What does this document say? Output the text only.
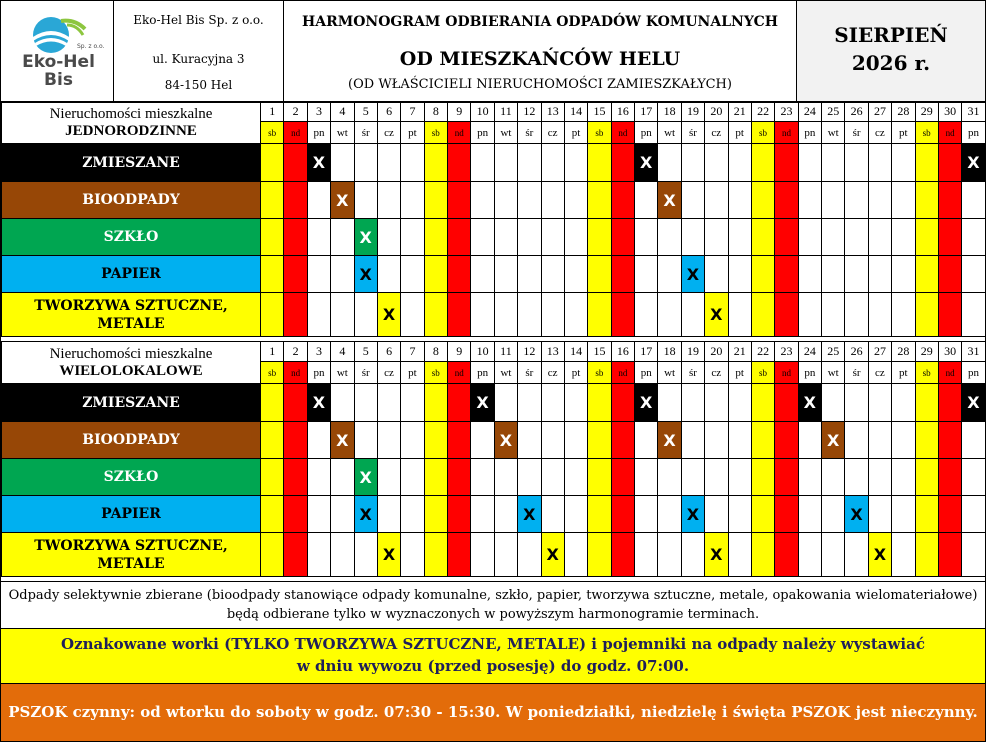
Sp. z o.o.
Eko-Hel
Bis
Eko-Hel Bis Sp. z o.o.
ul. Kuracyjna 3
84-150 Hel
HARMONOGRAM ODBIERANIA ODPADÓW KOMUNALNYCH
OD MIESZKAŃCÓW HELU
(OD WŁAŚCICIELI NIERUCHOMOŚCI ZAMIESZKAŁYCH)
SIERPIEŃ
2026 r.
Nieruchomości mieszkalne
JEDNORODZINNE	1	2	3	4	5	6	7	8	9	10	11	12	13	14	15	16	17	18	19	20	21	22	23	24	25	26	27	28	29	30	31
	sb	nd	pn	wt	śr	cz	pt	sb	nd	pn	wt	śr	cz	pt	sb	nd	pn	wt	śr	cz	pt	sb	nd	pn	wt	śr	cz	pt	sb	nd	pn
ZMIESZANE			X														X														X
BIOODPADY				X														X													
SZKŁO					X																										
PAPIER					X														X												
TWORZYWA SZTUCZNE, METALE						X														X											
Nieruchomości mieszkalne
WIELOLOKALOWE	1	2	3	4	5	6	7	8	9	10	11	12	13	14	15	16	17	18	19	20	21	22	23	24	25	26	27	28	29	30	31
	sb	nd	pn	wt	śr	cz	pt	sb	nd	pn	wt	śr	cz	pt	sb	nd	pn	wt	śr	cz	pt	sb	nd	pn	wt	śr	cz	pt	sb	nd	pn
ZMIESZANE			X							X							X							X							X
BIOODPADY				X							X							X							X						
SZKŁO					X																										
PAPIER					X							X							X							X					
TWORZYWA SZTUCZNE, METALE						X							X							X							X				
Odpady selektywnie zbierane (bioodpady stanowiące odpady komunalne, szkło, papier, tworzywa sztuczne, metale, opakowania wielomateriałowe) będą odbierane tylko w wyznaczonych w powyższym harmonogramie terminach.
Oznakowane worki (TYLKO TWORZYWA SZTUCZNE, METALE) i pojemniki na odpady należy wystawiać
w dniu wywozu (przed posesję) do godz. 07:00.
PSZOK czynny: od wtorku do soboty w godz. 07:30 - 15:30. W poniedziałki, niedzielę i święta PSZOK jest nieczynny.
